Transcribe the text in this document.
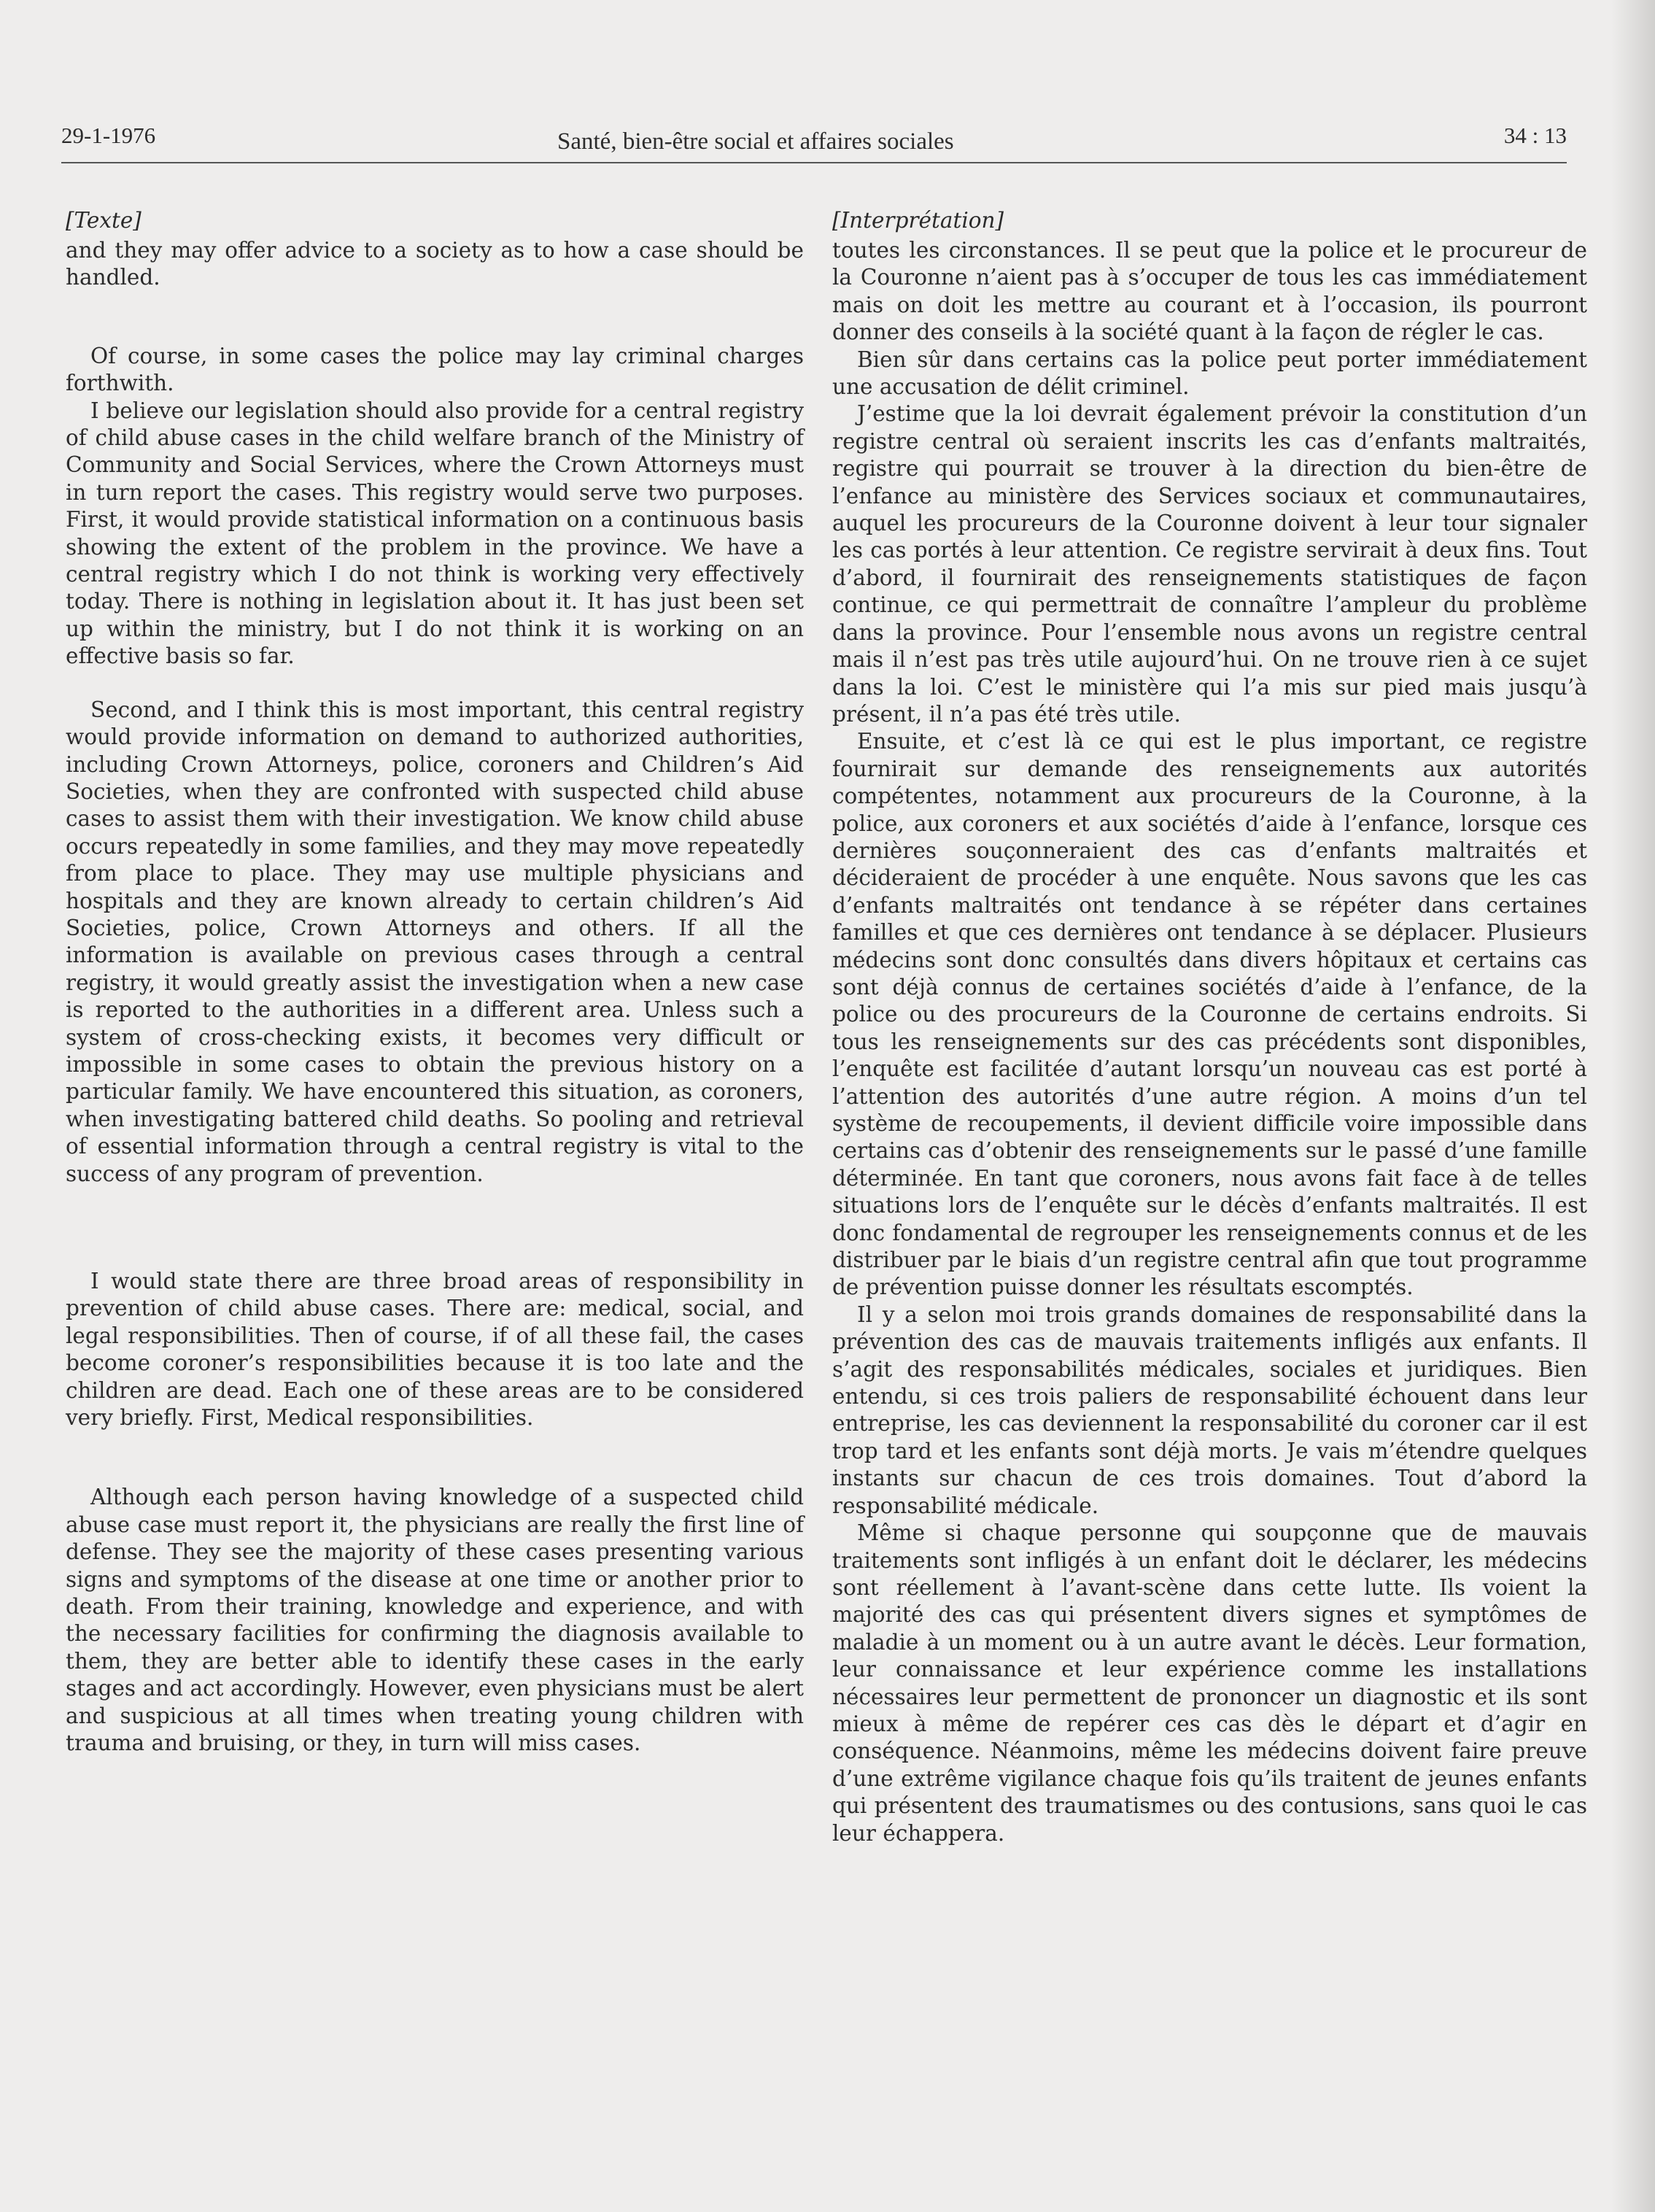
29-1-1976	Santé, bien-être social et affaires sociales	34 : 13
[Texte]

and they may offer advice to a society as to how a case should be handled.

Of course, in some cases the police may lay criminal charges forthwith.

I believe our legislation should also provide for a central registry of child abuse cases in the child welfare branch of the Ministry of Community and Social Services, where the Crown Attorneys must in turn report the cases. This registry would serve two purposes. First, it would provide statistical information on a continuous basis showing the extent of the problem in the province. We have a central registry which I do not think is working very effectively today. There is nothing in legislation about it. It has just been set up within the ministry, but I do not think it is working on an effective basis so far.

Second, and I think this is most important, this central registry would provide information on demand to authorized authorities, including Crown Attorneys, police, coroners and Children’s Aid Societies, when they are confronted with suspected child abuse cases to assist them with their investigation. We know child abuse occurs repeatedly in some families, and they may move repeatedly from place to place. They may use multiple physicians and hospitals and they are known already to certain children’s Aid Societies, police, Crown Attorneys and others. If all the information is available on previous cases through a central registry, it would greatly assist the investigation when a new case is reported to the authorities in a different area. Unless such a system of cross-checking exists, it becomes very difficult or impossible in some cases to obtain the previous history on a particular family. We have encountered this situation, as coroners, when investigating battered child deaths. So pooling and retrieval of essential information through a central registry is vital to the success of any program of prevention.

I would state there are three broad areas of responsibility in prevention of child abuse cases. There are: medical, social, and legal responsibilities. Then of course, if of all these fail, the cases become coroner’s responsibilities because it is too late and the children are dead. Each one of these areas are to be considered very briefly. First, Medical responsibilities.

Although each person having knowledge of a suspected child abuse case must report it, the physicians are really the first line of defense. They see the majority of these cases presenting various signs and symptoms of the disease at one time or another prior to death. From their training, knowledge and experience, and with the necessary facilities for confirming the diagnosis available to them, they are better able to identify these cases in the early stages and act accordingly. However, even physicians must be alert and suspicious at all times when treating young children with trauma and bruising, or they, in turn will miss cases.

[Interprétation]

toutes les circonstances. Il se peut que la police et le procureur de la Couronne n’aient pas à s’occuper de tous les cas immédiatement mais on doit les mettre au courant et à l’occasion, ils pourront donner des conseils à la société quant à la façon de régler le cas.

Bien sûr dans certains cas la police peut porter immédiatement une accusation de délit criminel.

J’estime que la loi devrait également prévoir la constitution d’un registre central où seraient inscrits les cas d’enfants maltraités, registre qui pourrait se trouver à la direction du bien-être de l’enfance au ministère des Services sociaux et communautaires, auquel les procureurs de la Couronne doivent à leur tour signaler les cas portés à leur attention. Ce registre servirait à deux fins. Tout d’abord, il fournirait des renseignements statistiques de façon continue, ce qui permettrait de connaître l’ampleur du problème dans la province. Pour l’ensemble nous avons un registre central mais il n’est pas très utile aujourd’hui. On ne trouve rien à ce sujet dans la loi. C’est le ministère qui l’a mis sur pied mais jusqu’à présent, il n’a pas été très utile.

Ensuite, et c’est là ce qui est le plus important, ce registre fournirait sur demande des renseignements aux autorités compétentes, notamment aux procureurs de la Couronne, à la police, aux coroners et aux sociétés d’aide à l’enfance, lorsque ces dernières souçonneraient des cas d’enfants maltraités et décideraient de procéder à une enquête. Nous savons que les cas d’enfants maltraités ont tendance à se répéter dans certaines familles et que ces dernières ont tendance à se déplacer. Plusieurs médecins sont donc consultés dans divers hôpitaux et certains cas sont déjà connus de certaines sociétés d’aide à l’enfance, de la police ou des procureurs de la Couronne de certains endroits. Si tous les renseignements sur des cas précédents sont disponibles, l’enquête est facilitée d’autant lorsqu’un nouveau cas est porté à l’attention des autorités d’une autre région. A moins d’un tel système de recoupements, il devient difficile voire impossible dans certains cas d’obtenir des renseignements sur le passé d’une famille déterminée. En tant que coroners, nous avons fait face à de telles situations lors de l’enquête sur le décès d’enfants maltraités. Il est donc fondamental de regrouper les renseignements connus et de les distribuer par le biais d’un registre central afin que tout programme de prévention puisse donner les résultats escomptés.

Il y a selon moi trois grands domaines de responsabilité dans la prévention des cas de mauvais traitements infligés aux enfants. Il s’agit des responsabilités médicales, sociales et juridiques. Bien entendu, si ces trois paliers de responsabilité échouent dans leur entreprise, les cas deviennent la responsabilité du coroner car il est trop tard et les enfants sont déjà morts. Je vais m’étendre quelques instants sur chacun de ces trois domaines. Tout d’abord la responsabilité médicale.

Même si chaque personne qui soupçonne que de mauvais traitements sont infligés à un enfant doit le déclarer, les médecins sont réellement à l’avant-scène dans cette lutte. Ils voient la majorité des cas qui présentent divers signes et symptômes de maladie à un moment ou à un autre avant le décès. Leur formation, leur connaissance et leur expérience comme les installations nécessaires leur permettent de prononcer un diagnostic et ils sont mieux à même de repérer ces cas dès le départ et d’agir en conséquence. Néanmoins, même les médecins doivent faire preuve d’une extrême vigilance chaque fois qu’ils traitent de jeunes enfants qui présentent des traumatismes ou des contusions, sans quoi le cas leur échappera.
